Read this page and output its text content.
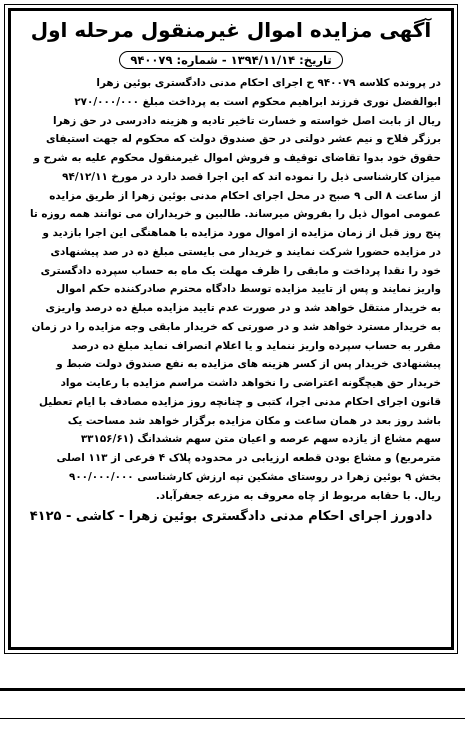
آگهی مزایده اموال غیرمنقول مرحله اول
تاریخ: ۱۳۹۴/۱۱/۱۴ - شماره: ۹۴۰۰۷۹
در پرونده کلاسه ۹۴۰۰۷۹ ح اجرای احکام مدنی دادگستری بوئین زهرا
ابوالفضل نوری فرزند ابراهیم محکوم است به پرداخت مبلغ ۲۷۰/۰۰۰/۰۰۰
ریال از بابت اصل خواسته و خسارت تاخیر تادیه و هزینه دادرسی در حق زهرا
برزگر فلاح و نیم عشر دولتی در حق صندوق دولت که محکوم له جهت استیفای
حقوق خود بدوا تقاضای توقیف و فروش اموال غیرمنقول محکوم علیه به شرح و
میزان کارشناسی ذیل را نموده اند که این اجرا قصد دارد در مورخ ۹۴/۱۲/۱۱
از ساعت ۸ الی ۹ صبح در محل اجرای احکام مدنی بوئین زهرا از طریق مزایده
عمومی اموال ذیل را بفروش میرساند. طالبین و خریداران می توانند همه روزه تا
پنج روز قبل از زمان مزایده از اموال مورد مزایده با هماهنگی این اجرا بازدید و
در مزایده حضورا شرکت نمایند و خریدار می بایستی مبلغ ده در صد پیشنهادی
خود را نقدا پرداخت و مابقی را ظرف مهلت یک ماه به حساب سپرده دادگستری
واریز نمایند و پس از تایید مزایده توسط دادگاه محترم صادرکننده حکم اموال
به خریدار منتقل خواهد شد و در صورت عدم تایید مزایده مبلغ ده درصد واریزی
به خریدار مسترد خواهد شد و در صورتی که خریدار مابقی وجه مزایده را در زمان
مقرر به حساب سپرده واریز ننماید و یا اعلام انصراف نماید مبلغ ده درصد
پیشنهادی خریدار پس از کسر هزینه های مزایده به نفع صندوق دولت ضبط و
خریدار حق هیچگونه اعتراضی را نخواهد داشت مراسم مزایده با رعایت مواد
قانون اجرای احکام مدنی اجرا، کتبی و چنانچه روز مزایده مصادف با ایام تعطیل
باشد روز بعد در همان ساعت و مکان مزایده برگزار خواهد شد مساحت یک
سهم مشاع از یازده سهم عرصه و اعیان متن سهم ششدانگ (۳۳۱۵۶/۶۱
مترمربع) و مشاع بودن قطعه ارزیابی در محدوده پلاک ۴ فرعی از ۱۱۳ اصلی
بخش ۹ بوئین زهرا در روستای مشکین تپه ارزش کارشناسی ۹۰۰/۰۰۰/۰۰۰
ریال. با حقابه مربوط از چاه معروف به مزرعه جعفرآباد.
دادورز اجرای احکام مدنی دادگستری بوئین زهرا - کاشی - ۴۱۲۵
